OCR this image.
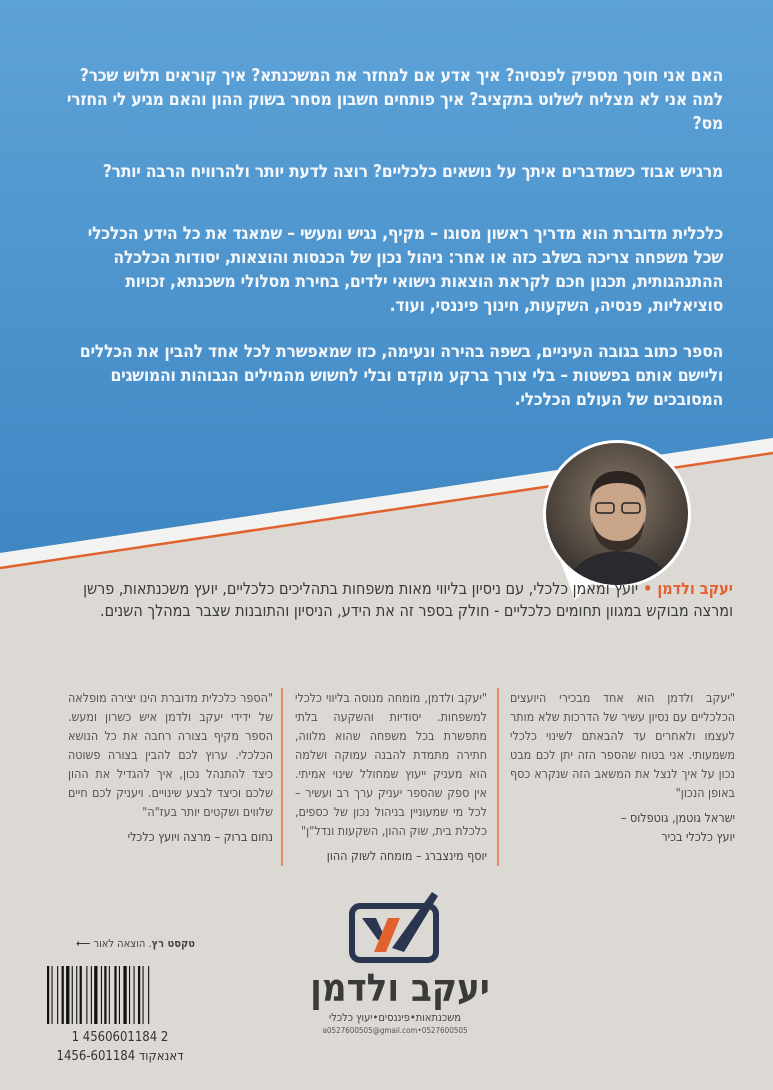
האם אני חוסך מספיק לפנסיה? איך אדע אם למחזר את המשכנתא? איך קוראים תלוש שכר? למה אני לא מצליח לשלוט בתקציב? איך פותחים חשבון מסחר בשוק ההון והאם מגיע לי החזרי מס?

מרגיש אבוד כשמדברים איתך על נושאים כלכליים? רוצה לדעת יותר ולהרוויח הרבה יותר?

כלכלית מדוברת הוא מדריך ראשון מסוגו – מקיף, נגיש ומעשי – שמאגד את כל הידע הכלכלי שכל משפחה צריכה בשלב כזה או אחר: ניהול נכון של הכנסות והוצאות, יסודות הכלכלה ההתנהגותית, תכנון חכם לקראת הוצאות נישואי ילדים, בחירת מסלולי משכנתא, זכויות סוציאליות, פנסיה, השקעות, חינוך פיננסי, ועוד.

הספר כתוב בגובה העיניים, בשפה בהירה ונעימה, כזו שמאפשרת לכל אחד להבין את הכללים וליישם אותם בפשטות – בלי צורך ברקע מוקדם ובלי לחשוש מהמילים הגבוהות והמושגים המסובכים של העולם הכלכלי.

יעקב ולדמן • יועץ ומאמן כלכלי, עם ניסיון בליווי מאות משפחות בתהליכים כלכליים, יועץ משכנתאות, פרשן ומרצה מבוקש במגוון תחומים כלכליים - חולק בספר זה את הידע, הניסיון והתובנות שצבר במהלך השנים.

"יעקב ולדמן הוא אחד מבכירי היועצים הכלכליים עם נסיון עשיר של הדרכות שלא מותר לעצמו ולאחרים עד להבאתם לשינוי כלכלי משמעותי. אני בטוח שהספר הזה יתן לכם מבט נכון על איך לנצל את המשאב הזה שנקרא כסף באופן הנכון"
ישראל גוטמן, גוטפלוס –
יועץ כלכלי בכיר
"יעקב ולדמן, מומחה מנוסה בליווי כלכלי למשפחות. יסודיות והשקעה בלתי מתפשרת בכל משפחה שהוא מלווה, חתירה מתמדת להבנה עמוקה ושלמה הוא מעניק ייעוץ שמחולל שינוי אמיתי. אין ספק שהספר יעניק ערך רב ועשיר – לכל מי שמעוניין בניהול נכון של כספים, כלכלת בית, שוק ההון, השקעות ונדל"ן"
יוסף מינצברג – מומחה לשוק ההון
"הספר כלכלית מדוברת הינו יצירה מופלאה של ידידי יעקב ולדמן איש כשרון ומעש. הספר מקיף בצורה רחבה את כל הנושא הכלכלי. ערוץ לכם להבין בצורה פשוטה כיצד להתנהל נכון, איך להגדיל את ההון שלכם וכיצד לבצע שינויים. ויעניק לכם חיים שלווים ושקטים יותר בעז"ה"
נחום ברוק – מרצה ויועץ כלכלי
יעקב ולדמן
משכנתאות•פיננסים•יעוץ כלכלי
a0527600505@gmail.com•0527600505
טקסט רץ. הוצאה לאור ⟵
1 4560601184 2
1456-601184 דאנאקוד
